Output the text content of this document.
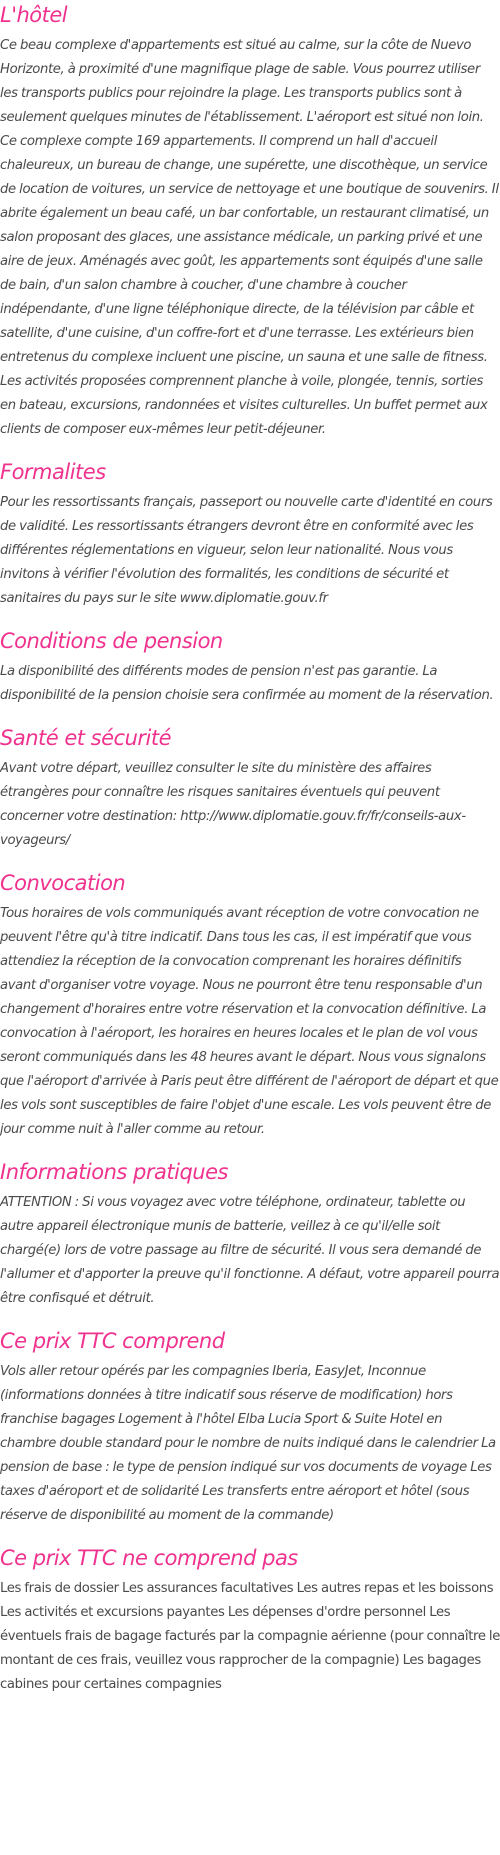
L'hôtel

Ce beau complexe d'appartements est situé au calme, sur la côte de Nuevo Horizonte, à proximité d'une magnifique plage de sable. Vous pourrez utiliser les transports publics pour rejoindre la plage. Les transports publics sont à seulement quelques minutes de l'établissement. L'aéroport est situé non loin. Ce complexe compte 169 appartements. Il comprend un hall d'accueil chaleureux, un bureau de change, une supérette, une discothèque, un service de location de voitures, un service de nettoyage et une boutique de souvenirs. Il abrite également un beau café, un bar confortable, un restaurant climatisé, un salon proposant des glaces, une assistance médicale, un parking privé et une aire de jeux. Aménagés avec goût, les appartements sont équipés d'une salle de bain, d'un salon chambre à coucher, d'une chambre à coucher indépendante, d'une ligne téléphonique directe, de la télévision par câble et satellite, d'une cuisine, d'un coffre-fort et d'une terrasse. Les extérieurs bien entretenus du complexe incluent une piscine, un sauna et une salle de fitness. Les activités proposées comprennent planche à voile, plongée, tennis, sorties en bateau, excursions, randonnées et visites culturelles. Un buffet permet aux clients de composer eux-mêmes leur petit-déjeuner.

Formalites

Pour les ressortissants français, passeport ou nouvelle carte d'identité en cours de validité. Les ressortissants étrangers devront être en conformité avec les différentes réglementations en vigueur, selon leur nationalité. Nous vous invitons à vérifier l'évolution des formalités, les conditions de sécurité et sanitaires du pays sur le site www.diplomatie.gouv.fr

Conditions de pension

La disponibilité des différents modes de pension n'est pas garantie. La disponibilité de la pension choisie sera confirmée au moment de la réservation.

Santé et sécurité

Avant votre départ, veuillez consulter le site du ministère des affaires étrangères pour connaître les risques sanitaires éventuels qui peuvent concerner votre destination: http://www.diplomatie.gouv.fr/fr/conseils-aux-voyageurs/

Convocation

Tous horaires de vols communiqués avant réception de votre convocation ne peuvent l'être qu'à titre indicatif. Dans tous les cas, il est impératif que vous attendiez la réception de la convocation comprenant les horaires définitifs avant d'organiser votre voyage. Nous ne pourront être tenu responsable d'un changement d'horaires entre votre réservation et la convocation définitive. La convocation à l'aéroport, les horaires en heures locales et le plan de vol vous seront communiqués dans les 48 heures avant le départ. Nous vous signalons que l'aéroport d'arrivée à Paris peut être différent de l'aéroport de départ et que les vols sont susceptibles de faire l'objet d'une escale. Les vols peuvent être de jour comme nuit à l'aller comme au retour.

Informations pratiques

ATTENTION : Si vous voyagez avec votre téléphone, ordinateur, tablette ou autre appareil électronique munis de batterie, veillez à ce qu'il/elle soit chargé(e) lors de votre passage au filtre de sécurité. Il vous sera demandé de l'allumer et d'apporter la preuve qu'il fonctionne. A défaut, votre appareil pourra être confisqué et détruit.

Ce prix TTC comprend

Vols aller retour opérés par les compagnies Iberia, EasyJet, Inconnue (informations données à titre indicatif sous réserve de modification) hors franchise bagages Logement à l'hôtel Elba Lucia Sport & Suite Hotel en chambre double standard pour le nombre de nuits indiqué dans le calendrier La pension de base : le type de pension indiqué sur vos documents de voyage Les taxes d'aéroport et de solidarité Les transferts entre aéroport et hôtel (sous réserve de disponibilité au moment de la commande)

Ce prix TTC ne comprend pas

Les frais de dossier Les assurances facultatives Les autres repas et les boissons Les activités et excursions payantes Les dépenses d'ordre personnel Les éventuels frais de bagage facturés par la compagnie aérienne (pour connaître le montant de ces frais, veuillez vous rapprocher de la compagnie) Les bagages cabines pour certaines compagnies
